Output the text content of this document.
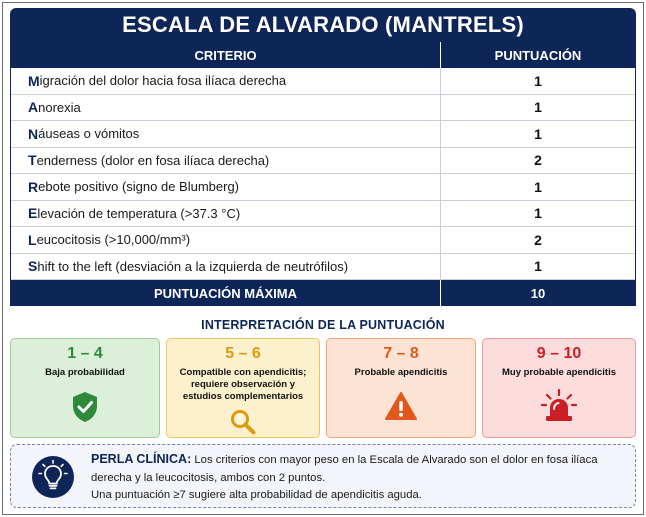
ESCALA DE ALVARADO (MANTRELS)
CRITERIO	PUNTUACIÓN
M igración del dolor hacia fosa ilíaca derecha	1
A norexia	1
N áuseas o vómitos	1
T enderness (dolor en fosa ilíaca derecha)	2
R ebote positivo (signo de Blumberg)	1
E levación de temperatura (>37.3 °C)	1
L eucocitosis (>10,000/mm³)	2
S hift to the left (desviación a la izquierda de neutrófilos)	1
PUNTUACIÓN MÁXIMA	10
INTERPRETACIÓN DE LA PUNTUACIÓN
1 – 4
Baja probabilidad
5 – 6
Compatible con apendicitis; requiere observación y estudios complementarios
7 – 8
Probable apendicitis
9 – 10
Muy probable apendicitis
PERLA CLÍNICA: Los criterios con mayor peso en la Escala de Alvarado son el dolor en fosa ilíaca derecha y la leucocitosis, ambos con 2 puntos.
Una puntuación ≥7 sugiere alta probabilidad de apendicitis aguda.
